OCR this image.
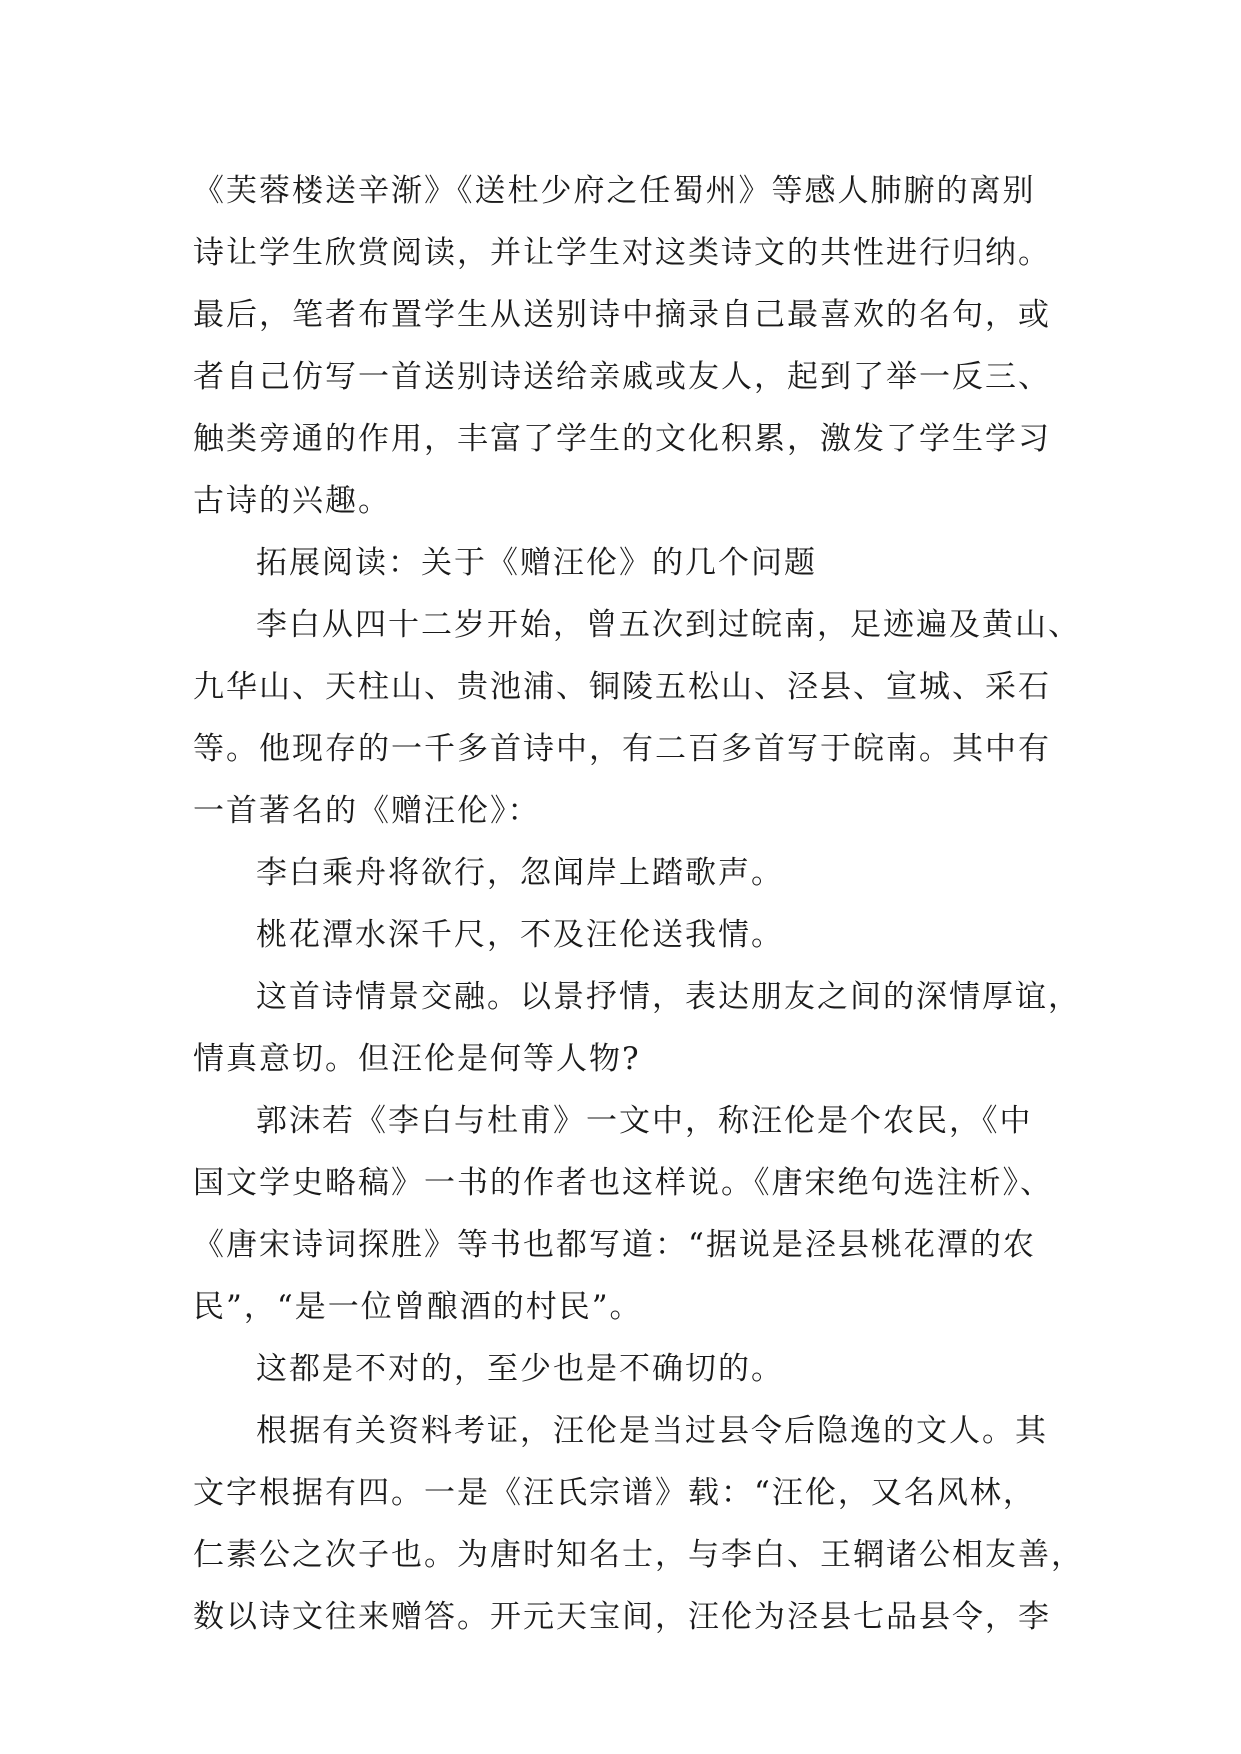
《芙蓉楼送辛渐》《送杜少府之任蜀州》等感人肺腑的离别
诗让学生欣赏阅读，并让学生对这类诗文的共性进行归纳。
最后，笔者布置学生从送别诗中摘录自己最喜欢的名句，或
者自己仿写一首送别诗送给亲戚或友人，起到了举一反三、
触类旁通的作用，丰富了学生的文化积累，激发了学生学习
古诗的兴趣。
拓展阅读：关于《赠汪伦》的几个问题
李白从四十二岁开始，曾五次到过皖南，足迹遍及黄山、
九华山、天柱山、贵池浦、铜陵五松山、泾县、宣城、采石
等。他现存的一千多首诗中，有二百多首写于皖南。其中有
一首著名的《赠汪伦》：
李白乘舟将欲行，忽闻岸上踏歌声。
桃花潭水深千尺，不及汪伦送我情。
这首诗情景交融。以景抒情，表达朋友之间的深情厚谊，
情真意切。但汪伦是何等人物?
郭沫若《李白与杜甫》一文中，称汪伦是个农民，《中
国文学史略稿》一书的作者也这样说。《唐宋绝句选注析》、
《唐宋诗词探胜》等书也都写道：“据说是泾县桃花潭的农
民”，“是一位曾酿酒的村民”。
这都是不对的，至少也是不确切的。
根据有关资料考证，汪伦是当过县令后隐逸的文人。其
文字根据有四。一是《汪氏宗谱》载：“汪伦，又名风林，
仁素公之次子也。为唐时知名士，与李白、王辋诸公相友善，
数以诗文往来赠答。开元天宝间，汪伦为泾县七品县令，李
